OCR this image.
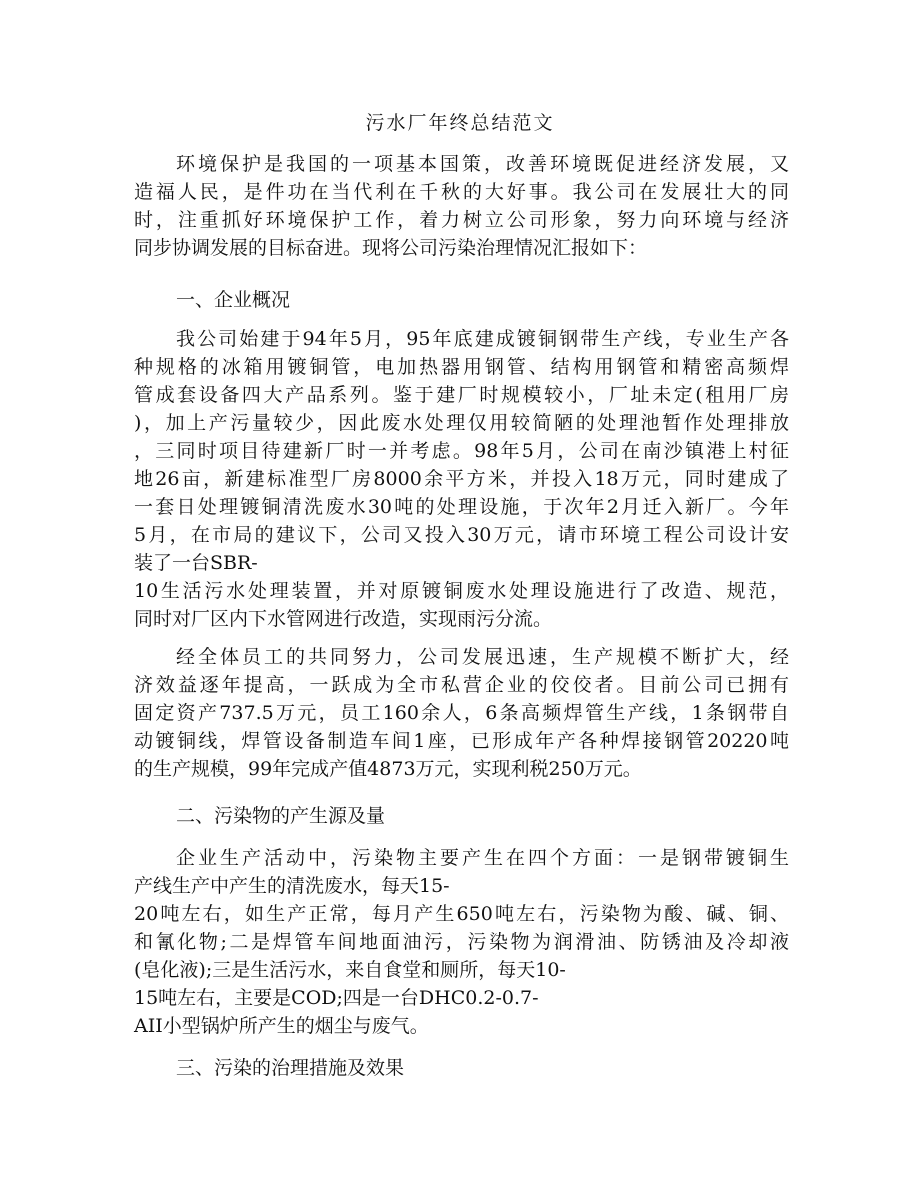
污水厂年终总结范文
环境保护是我国的一项基本国策，改善环境既促进经济发展，又
造福人民，是件功在当代利在千秋的大好事。我公司在发展壮大的同
时，注重抓好环境保护工作，着力树立公司形象，努力向环境与经济
同步协调发展的目标奋进。现将公司污染治理情况汇报如下：
一、企业概况
我公司始建于94年5月，95年底建成镀铜钢带生产线，专业生产各
种规格的冰箱用镀铜管，电加热器用钢管、结构用钢管和精密高频焊
管成套设备四大产品系列。鉴于建厂时规模较小，厂址未定(租用厂房
)，加上产污量较少，因此废水处理仅用较简陋的处理池暂作处理排放
，三同时项目待建新厂时一并考虑。98年5月，公司在南沙镇港上村征
地26亩，新建标准型厂房8000余平方米，并投入18万元，同时建成了
一套日处理镀铜清洗废水30吨的处理设施，于次年2月迁入新厂。今年
5月，在市局的建议下，公司又投入30万元，请市环境工程公司设计安
装了一台SBR-
10生活污水处理装置，并对原镀铜废水处理设施进行了改造、规范，
同时对厂区内下水管网进行改造，实现雨污分流。
经全体员工的共同努力，公司发展迅速，生产规模不断扩大，经
济效益逐年提高，一跃成为全市私营企业的佼佼者。目前公司已拥有
固定资产737.5万元，员工160余人，6条高频焊管生产线，1条钢带自
动镀铜线，焊管设备制造车间1座，已形成年产各种焊接钢管20220吨
的生产规模，99年完成产值4873万元，实现利税250万元。
二、污染物的产生源及量
企业生产活动中，污染物主要产生在四个方面：一是钢带镀铜生
产线生产中产生的清洗废水，每天15-
20吨左右，如生产正常，每月产生650吨左右，污染物为酸、碱、铜、
和氰化物;二是焊管车间地面油污，污染物为润滑油、防锈油及冷却液
(皂化液);三是生活污水，来自食堂和厕所，每天10-
15吨左右，主要是COD;四是一台DHC0.2-0.7-
AII小型锅炉所产生的烟尘与废气。
三、污染的治理措施及效果
